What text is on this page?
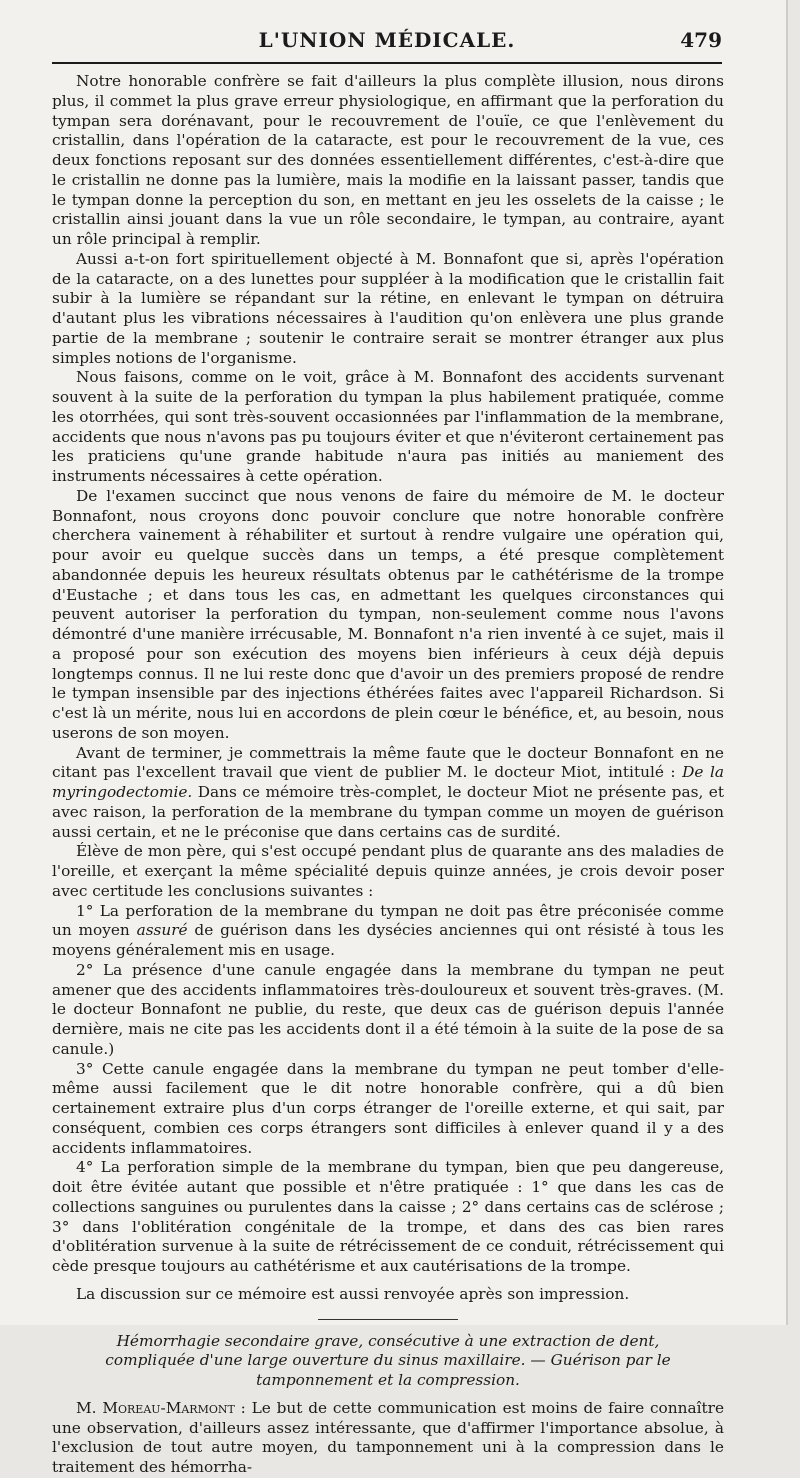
L'UNION MÉDICALE.	479

Notre honorable confrère se fait d'ailleurs la plus complète illusion, nous dirons plus, il commet la plus grave erreur physiologique, en affirmant que la perforation du tympan sera dorénavant, pour le recouvrement de l'ouïe, ce que l'enlèvement du cristallin, dans l'opération de la cataracte, est pour le recouvrement de la vue, ces deux fonctions reposant sur des données essentiellement différentes, c'est-à-dire que le cristallin ne donne pas la lumière, mais la modifie en la laissant passer, tandis que le tympan donne la perception du son, en mettant en jeu les osselets de la caisse ; le cristallin ainsi jouant dans la vue un rôle secondaire, le tympan, au contraire, ayant un rôle principal à remplir.

Aussi a-t-on fort spirituellement objecté à M. Bonnafont que si, après l'opération de la cataracte, on a des lunettes pour suppléer à la modification que le cristallin fait subir à la lumière se répandant sur la rétine, en enlevant le tympan on détruira d'autant plus les vibrations nécessaires à l'audition qu'on enlèvera une plus grande partie de la membrane ; soutenir le contraire serait se montrer étranger aux plus simples notions de l'organisme.

Nous faisons, comme on le voit, grâce à M. Bonnafont des accidents survenant souvent à la suite de la perforation du tympan la plus habilement pratiquée, comme les otorrhées, qui sont très-souvent occasionnées par l'inflammation de la membrane, accidents que nous n'avons pas pu toujours éviter et que n'éviteront certainement pas les praticiens qu'une grande habitude n'aura pas initiés au maniement des instruments nécessaires à cette opération.

De l'examen succinct que nous venons de faire du mémoire de M. le docteur Bonnafont, nous croyons donc pouvoir conclure que notre honorable confrère cherchera vainement à réhabiliter et surtout à rendre vulgaire une opération qui, pour avoir eu quelque succès dans un temps, a été presque complètement abandonnée depuis les heureux résultats obtenus par le cathétérisme de la trompe d'Eustache ; et dans tous les cas, en admettant les quelques circonstances qui peuvent autoriser la perforation du tympan, non-seulement comme nous l'avons démontré d'une manière irrécusable, M. Bonnafont n'a rien inventé à ce sujet, mais il a proposé pour son exécution des moyens bien inférieurs à ceux déjà depuis longtemps connus. Il ne lui reste donc que d'avoir un des premiers proposé de rendre le tympan insensible par des injections éthérées faites avec l'appareil Richardson. Si c'est là un mérite, nous lui en accordons de plein cœur le bénéfice, et, au besoin, nous userons de son moyen.

Avant de terminer, je commettrais la même faute que le docteur Bonnafont en ne citant pas l'excellent travail que vient de publier M. le docteur Miot, intitulé : De la myringodectomie. Dans ce mémoire très-complet, le docteur Miot ne présente pas, et avec raison, la perforation de la membrane du tympan comme un moyen de guérison aussi certain, et ne le préconise que dans certains cas de surdité.

Élève de mon père, qui s'est occupé pendant plus de quarante ans des maladies de l'oreille, et exerçant la même spécialité depuis quinze années, je crois devoir poser avec certitude les conclusions suivantes :

1° La perforation de la membrane du tympan ne doit pas être préconisée comme un moyen assuré de guérison dans les dysécies anciennes qui ont résisté à tous les moyens généralement mis en usage.

2° La présence d'une canule engagée dans la membrane du tympan ne peut amener que des accidents inflammatoires très-douloureux et souvent très-graves. (M. le docteur Bonnafont ne publie, du reste, que deux cas de guérison depuis l'année dernière, mais ne cite pas les accidents dont il a été témoin à la suite de la pose de sa canule.)

3° Cette canule engagée dans la membrane du tympan ne peut tomber d'elle-même aussi facilement que le dit notre honorable confrère, qui a dû bien certainement extraire plus d'un corps étranger de l'oreille externe, et qui sait, par conséquent, combien ces corps étrangers sont difficiles à enlever quand il y a des accidents inflammatoires.

4° La perforation simple de la membrane du tympan, bien que peu dangereuse, doit être évitée autant que possible et n'être pratiquée : 1° que dans les cas de collections sanguines ou purulentes dans la caisse ; 2° dans certains cas de sclérose ; 3° dans l'oblitération congénitale de la trompe, et dans des cas bien rares d'oblitération survenue à la suite de rétrécissement de ce conduit, rétrécissement qui cède presque toujours au cathétérisme et aux cautérisations de la trompe.

La discussion sur ce mémoire est aussi renvoyée après son impression.

Hémorrhagie secondaire grave, consécutive à une extraction de dent, compliquée d'une large ouverture du sinus maxillaire. — Guérison par le tamponnement et la compression.

M. Moreau-Marmont : Le but de cette communication est moins de faire connaître une observation, d'ailleurs assez intéressante, que d'affirmer l'importance absolue, à l'exclusion de tout autre moyen, du tamponnement uni à la compression dans le traitement des hémorrha-
